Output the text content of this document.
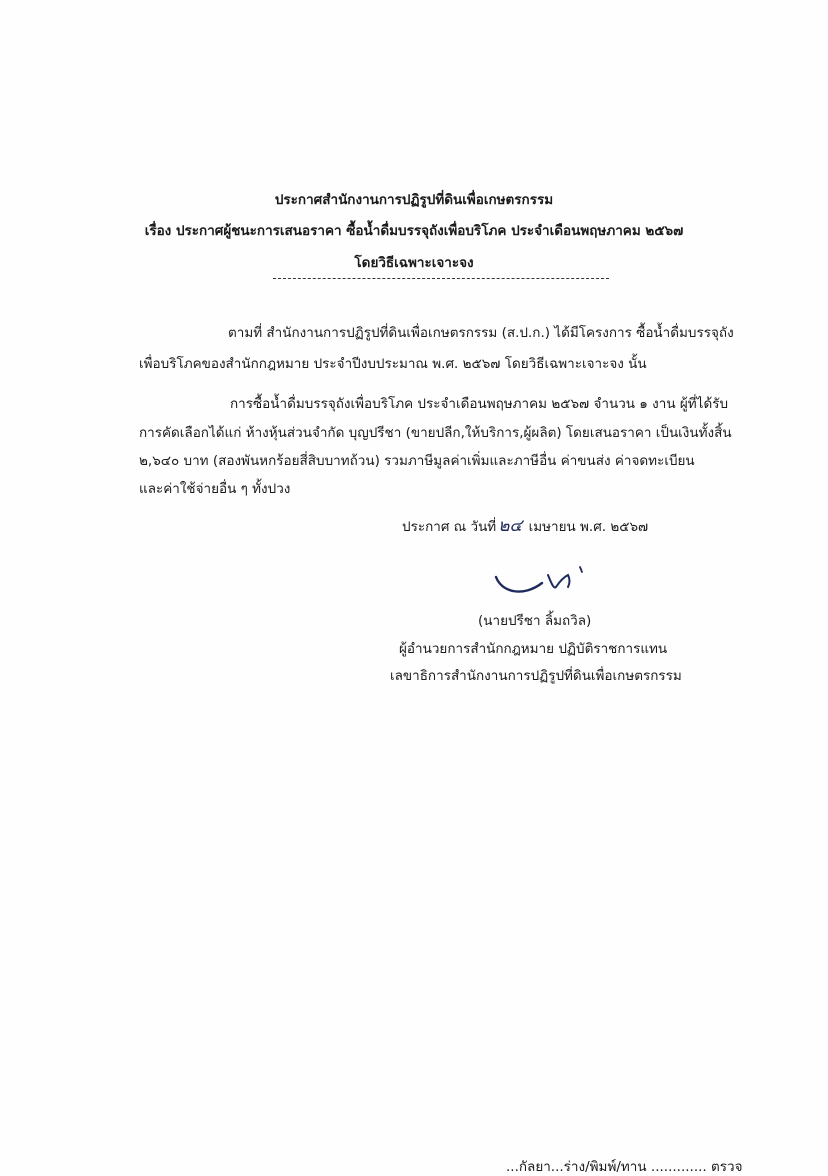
ประกาศสำนักงานการปฏิรูปที่ดินเพื่อเกษตรกรรม
เรื่อง ประกาศผู้ชนะการเสนอราคา ซื้อน้ำดื่มบรรจุถังเพื่อบริโภค ประจำเดือนพฤษภาคม ๒๕๖๗
โดยวิธีเฉพาะเจาะจง
ตามที่ สำนักงานการปฏิรูปที่ดินเพื่อเกษตรกรรม (ส.ป.ก.) ได้มีโครงการ ซื้อน้ำดื่มบรรจุถัง
เพื่อบริโภคของสำนักกฎหมาย ประจำปีงบประมาณ พ.ศ. ๒๕๖๗ โดยวิธีเฉพาะเจาะจง นั้น
การซื้อน้ำดื่มบรรจุถังเพื่อบริโภค ประจำเดือนพฤษภาคม ๒๕๖๗ จำนวน ๑ งาน ผู้ที่ได้รับ
การคัดเลือกได้แก่ ห้างหุ้นส่วนจำกัด บุญปรีชา (ขายปลีก,ให้บริการ,ผู้ผลิต) โดยเสนอราคา เป็นเงินทั้งสิ้น
๒,๖๔๐ บาท (สองพันหกร้อยสี่สิบบาทถ้วน) รวมภาษีมูลค่าเพิ่มและภาษีอื่น ค่าขนส่ง ค่าจดทะเบียน
และค่าใช้จ่ายอื่น ๆ ทั้งปวง
ประกาศ ณ วันที่ ๒๔ เมษายน พ.ศ. ๒๕๖๗
(นายปรีชา ลิ้มถวิล)
ผู้อำนวยการสำนักกฎหมาย ปฏิบัติราชการแทน
เลขาธิการสำนักงานการปฏิรูปที่ดินเพื่อเกษตรกรรม
...กัลยา...ร่าง/พิมพ์/ทาน ............. ตรวจ
